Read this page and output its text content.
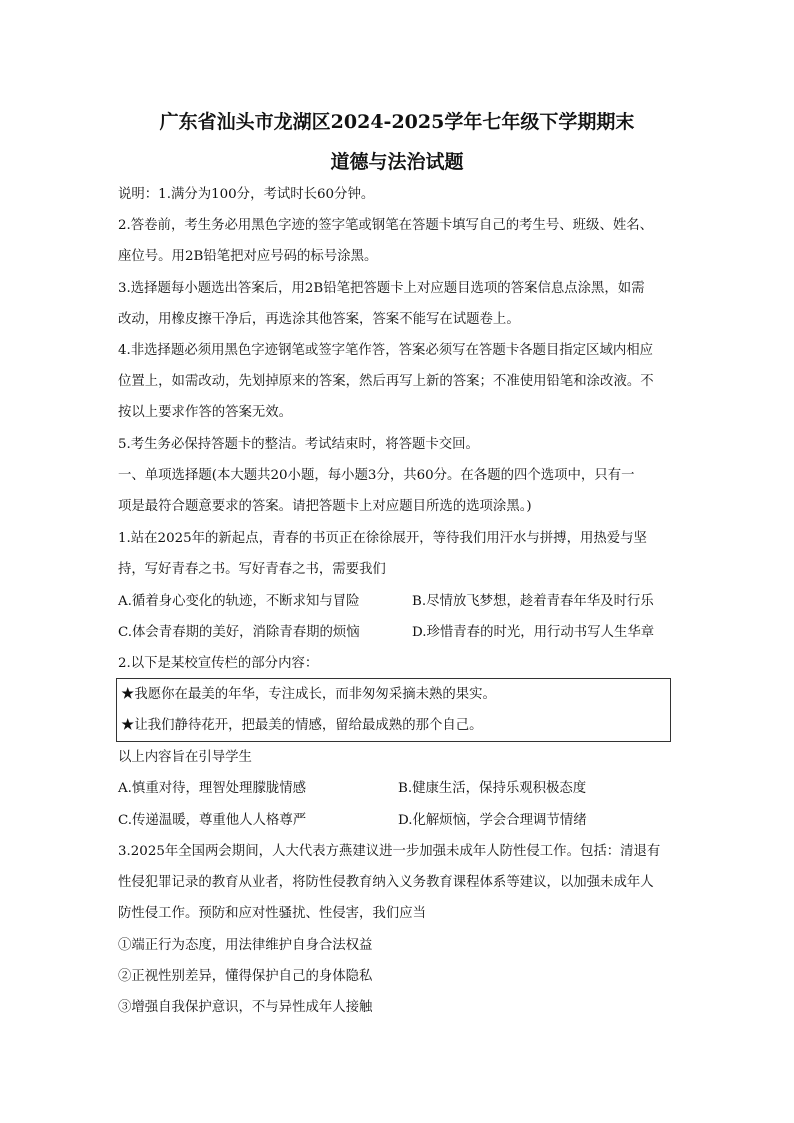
广东省汕头市龙湖区2024-2025学年七年级下学期期末
道德与法治试题
说明：1.满分为100分，考试时长60分钟。
2.答卷前，考生务必用黑色字迹的签字笔或钢笔在答题卡填写自己的考生号、班级、姓名、
座位号。用2B铅笔把对应号码的标号涂黑。
3.选择题每小题选出答案后，用2B铅笔把答题卡上对应题目选项的答案信息点涂黑，如需
改动，用橡皮擦干净后，再选涂其他答案，答案不能写在试题卷上。
4.非选择题必须用黑色字迹钢笔或签字笔作答，答案必须写在答题卡各题目指定区域内相应
位置上，如需改动，先划掉原来的答案，然后再写上新的答案；不准使用铅笔和涂改液。不
按以上要求作答的答案无效。
5.考生务必保持答题卡的整洁。考试结束时，将答题卡交回。
一、单项选择题(本大题共20小题，每小题3分，共60分。在各题的四个选项中，只有一
项是最符合题意要求的答案。请把答题卡上对应题目所选的选项涂黑。)
1.站在2025年的新起点，青春的书页正在徐徐展开，等待我们用汗水与拼搏，用热爱与坚
持，写好青春之书。写好青春之书，需要我们
A.循着身心变化的轨迹，不断求知与冒险	B.尽情放飞梦想，趁着青春年华及时行乐
C.体会青春期的美好，消除青春期的烦恼	D.珍惜青春的时光，用行动书写人生华章
2.以下是某校宣传栏的部分内容：
★我愿你在最美的年华，专注成长，而非匆匆采摘未熟的果实。
★让我们静待花开，把最美的情感，留给最成熟的那个自己。
以上内容旨在引导学生
A.慎重对待，理智处理朦胧情感	B.健康生活，保持乐观积极态度
C.传递温暖，尊重他人人格尊严	D.化解烦恼，学会合理调节情绪
3.2025年全国两会期间，人大代表方燕建议进一步加强未成年人防性侵工作。包括：清退有
性侵犯罪记录的教育从业者，将防性侵教育纳入义务教育课程体系等建议，以加强未成年人
防性侵工作。预防和应对性骚扰、性侵害，我们应当
①端正行为态度，用法律维护自身合法权益
②正视性别差异，懂得保护自己的身体隐私
③增强自我保护意识，不与异性成年人接触
